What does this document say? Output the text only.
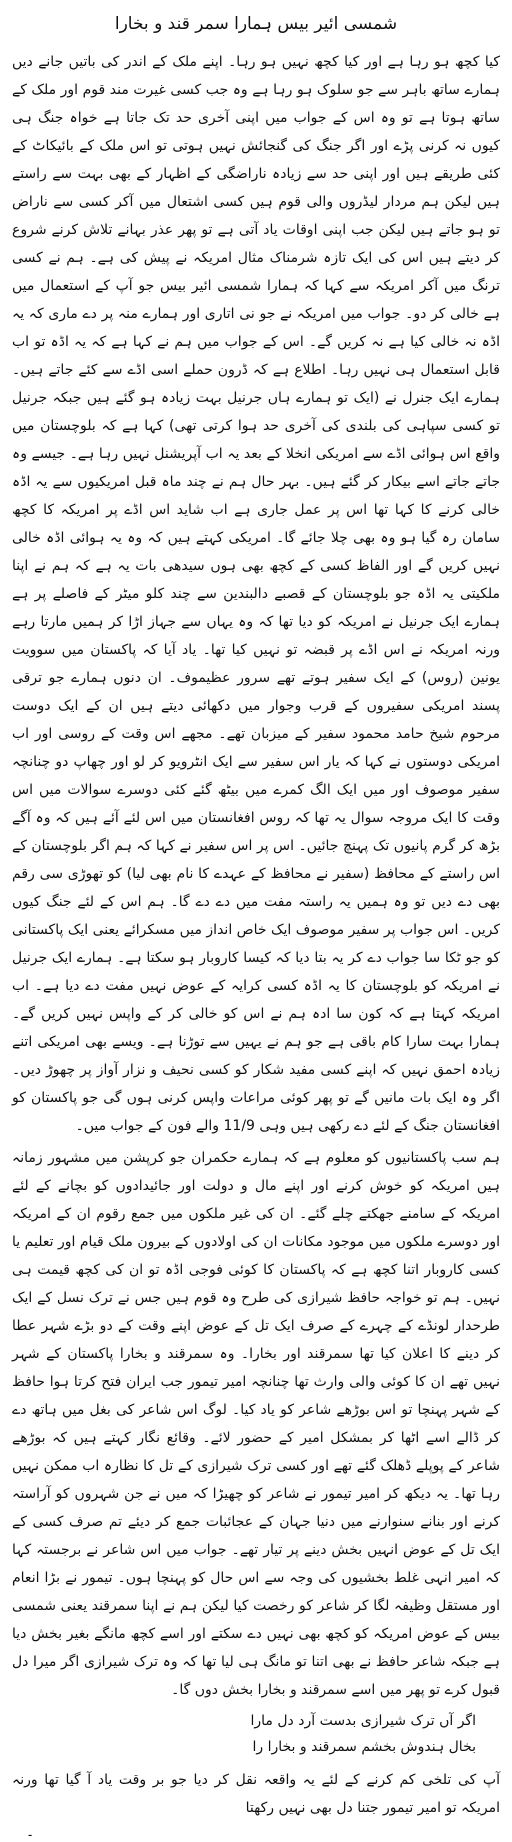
شمسی ائیر بیس ہمارا سمر قند و بخارا

کیا کچھ ہو رہا ہے اور کیا کچھ نہیں ہو رہا۔ اپنے ملک کے اندر کی باتیں جانے دیں ہمارے ساتھ باہر سے جو سلوک ہو رہا ہے وہ جب کسی غیرت مند قوم اور ملک کے ساتھ ہوتا ہے تو وہ اس کے جواب میں اپنی آخری حد تک جاتا ہے خواہ جنگ ہی کیوں نہ کرنی پڑے اور اگر جنگ کی گنجائش نہیں ہوتی تو اس ملک کے بائیکاٹ کے کئی طریقے ہیں اور اپنی حد سے زیادہ ناراضگی کے اظہار کے بھی بہت سے راستے ہیں لیکن ہم مردار لیڈروں والی قوم ہیں کسی اشتعال میں آکر کسی سے ناراض تو ہو جاتے ہیں لیکن جب اپنی اوقات یاد آتی ہے تو پھر عذر بہانے تلاش کرنے شروع کر دیتے ہیں اس کی ایک تازہ شرمناک مثال امریکہ نے پیش کی ہے۔ ہم نے کسی ترنگ میں آکر امریکہ سے کہا کہ ہمارا شمسی ائیر بیس جو آپ کے استعمال میں ہے خالی کر دو۔ جواب میں امریکہ نے جو نی اتاری اور ہمارے منہ پر دے ماری کہ یہ اڈہ نہ خالی کیا ہے نہ کریں گے۔ اس کے جواب میں ہم نے کہا ہے کہ یہ اڈہ تو اب قابل استعمال ہی نہیں رہا۔ اطلاع ہے کہ ڈرون حملے اسی اڈے سے کئے جاتے ہیں۔ ہمارے ایک جنرل نے (ایک تو ہمارے ہاں جرنیل بہت زیادہ ہو گئے ہیں جبکہ جرنیل تو کسی سپاہی کی بلندی کی آخری حد ہوا کرتی تھی) کہا ہے کہ بلوچستان میں واقع اس ہوائی اڈے سے امریکی انخلا کے بعد یہ اب آپریشنل نہیں رہا ہے۔ جیسے وہ جاتے جاتے اسے بیکار کر گئے ہیں۔ بہر حال ہم نے چند ماہ قبل امریکیوں سے یہ اڈہ خالی کرنے کا کہا تھا اس پر عمل جاری ہے اب شاید اس اڈے پر امریکہ کا کچھ سامان رہ گیا ہو وہ بھی چلا جائے گا۔ امریکی کہتے ہیں کہ وہ یہ ہوائی اڈہ خالی نہیں کریں گے اور الفاظ کسی کے کچھ بھی ہوں سیدھی بات یہ ہے کہ ہم نے اپنا ملکیتی یہ اڈہ جو بلوچستان کے قصبے دالبندین سے چند کلو میٹر کے فاصلے پر ہے ہمارے ایک جرنیل نے امریکہ کو دیا تھا کہ وہ یہاں سے جہاز اڑا کر ہمیں مارتا رہے ورنہ امریکہ نے اس اڈے پر قبضہ تو نہیں کیا تھا۔ یاد آیا کہ پاکستان میں سوویت یونین (روس) کے ایک سفیر ہوتے تھے سرور عظیموف۔ ان دنوں ہمارے جو ترقی پسند امریکی سفیروں کے قرب وجوار میں دکھائی دیتے ہیں ان کے ایک دوست مرحوم شیخ حامد محمود سفیر کے میزبان تھے۔ مجھے اس وقت کے روسی اور اب امریکی دوستوں نے کہا کہ یار اس سفیر سے ایک انٹرویو کر لو اور چھاپ دو چنانچہ سفیر موصوف اور میں ایک الگ کمرے میں بیٹھ گئے کئی دوسرے سوالات میں اس وقت کا ایک مروجہ سوال یہ تھا کہ روس افغانستان میں اس لئے آئے ہیں کہ وہ آگے بڑھ کر گرم پانیوں تک پہنچ جائیں۔ اس پر اس سفیر نے کہا کہ ہم اگر بلوچستان کے اس راستے کے محافظ (سفیر نے محافظ کے عہدے کا نام بھی لیا) کو تھوڑی سی رقم بھی دے دیں تو وہ ہمیں یہ راستہ مفت میں دے دے گا۔ ہم اس کے لئے جنگ کیوں کریں۔ اس جواب پر سفیر موصوف ایک خاص انداز میں مسکرائے یعنی ایک پاکستانی کو جو ٹکا سا جواب دے کر یہ بتا دیا کہ کیسا کاروبار ہو سکتا ہے۔ ہمارے ایک جرنیل نے امریکہ کو بلوچستان کا یہ اڈہ کسی کرایہ کے عوض نہیں مفت دے دیا ہے۔ اب امریکہ کہتا ہے کہ کون سا ادہ ہم نے اس کو خالی کر کے واپس نہیں کریں گے۔ ہمارا بہت سارا کام باقی ہے جو ہم نے یہیں سے توڑنا ہے۔ ویسے بھی امریکی اتنے زیادہ احمق نہیں کہ اپنے کسی مفید شکار کو کسی نحیف و نزار آواز پر چھوڑ دیں۔ اگر وہ ایک بات مانیں گے تو پھر کوئی مراعات واپس کرنی ہوں گی جو پاکستان کو افغانستان جنگ کے لئے دے رکھی ہیں وہی 11/9 والے فون کے جواب میں۔

ہم سب پاکستانیوں کو معلوم ہے کہ ہمارے حکمران جو کرپشن میں مشہور زمانہ ہیں امریکہ کو خوش کرنے اور اپنے مال و دولت اور جائیدادوں کو بچانے کے لئے امریکہ کے سامنے جھکتے چلے گئے۔ ان کی غیر ملکوں میں جمع رقوم ان کے امریکہ اور دوسرے ملکوں میں موجود مکانات ان کی اولادوں کے بیرون ملک قیام اور تعلیم یا کسی کاروبار اتنا کچھ ہے کہ پاکستان کا کوئی فوجی اڈہ تو ان کی کچھ قیمت ہی نہیں۔ ہم تو خواجہ حافظ شیرازی کی طرح وہ قوم ہیں جس نے ترک نسل کے ایک طرحدار لونڈے کے چہرے کے صرف ایک تل کے عوض اپنے وقت کے دو بڑے شہر عطا کر دینے کا اعلان کیا تھا سمرقند اور بخارا۔ وہ سمرقند و بخارا پاکستان کے شہر نہیں تھے ان کا کوئی والی وارث تھا چنانچہ امیر تیمور جب ایران فتح کرتا ہوا حافظ کے شہر پہنچا تو اس بوڑھے شاعر کو یاد کیا۔ لوگ اس شاعر کی بغل میں ہاتھ دے کر ڈالے اسے اٹھا کر بمشکل امیر کے حضور لائے۔ وقائع نگار کہتے ہیں کہ بوڑھے شاعر کے پوپلے ڈھلک گئے تھے اور کسی ترک شیرازی کے تل کا نظارہ اب ممکن نہیں رہا تھا۔ یہ دیکھ کر امیر تیمور نے شاعر کو چھیڑا کہ میں نے جن شہروں کو آراستہ کرنے اور بنانے سنوارنے میں دنیا جہان کے عجائبات جمع کر دیئے تم صرف کسی کے ایک تل کے عوض انہیں بخش دینے پر تیار تھے۔ جواب میں اس شاعر نے برجستہ کہا کہ امیر انہی غلط بخشیوں کی وجہ سے اس حال کو پہنچا ہوں۔ تیمور نے بڑا انعام اور مستقل وظیفہ لگا کر شاعر کو رخصت کیا لیکن ہم نے اپنا سمرقند یعنی شمسی بیس کے عوض امریکہ کو کچھ بھی نہیں دے سکتے اور اسے کچھ مانگے بغیر بخش دیا ہے جبکہ شاعر حافظ نے بھی اتنا تو مانگ ہی لیا تھا کہ وہ ترک شیرازی اگر میرا دل قبول کرے تو پھر میں اسے سمرقند و بخارا بخش دوں گا۔

اگر آں ترک شیرازی بدست آرد دل مارا

بخال ہندوش بخشم سمرقند و بخارا را

آپ کی تلخی کم کرنے کے لئے یہ واقعہ نقل کر دیا جو بر وقت یاد آ گیا تھا ورنہ امریکہ تو امیر تیمور جتنا دل بھی نہیں رکھتا

۔
